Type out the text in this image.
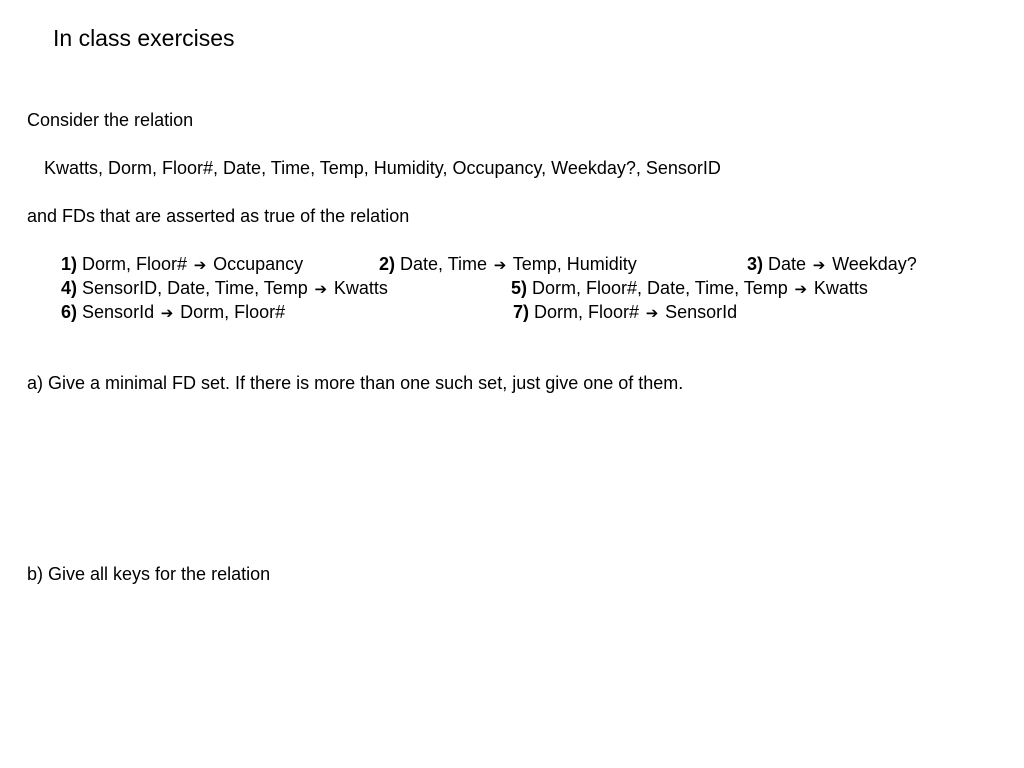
In class exercises
Consider the relation
Kwatts, Dorm, Floor#, Date, Time, Temp, Humidity, Occupancy, Weekday?, SensorID
and FDs that are asserted as true of the relation
1) Dorm, Floor# ➔ Occupancy	2) Date, Time ➔ Temp, Humidity	3) Date ➔ Weekday?
4) SensorID, Date, Time, Temp ➔ Kwatts	5) Dorm, Floor#, Date, Time, Temp ➔ Kwatts
6) SensorId ➔ Dorm, Floor#	7) Dorm, Floor# ➔ SensorId
a) Give a minimal FD set. If there is more than one such set, just give one of them.
b) Give all keys for the relation
